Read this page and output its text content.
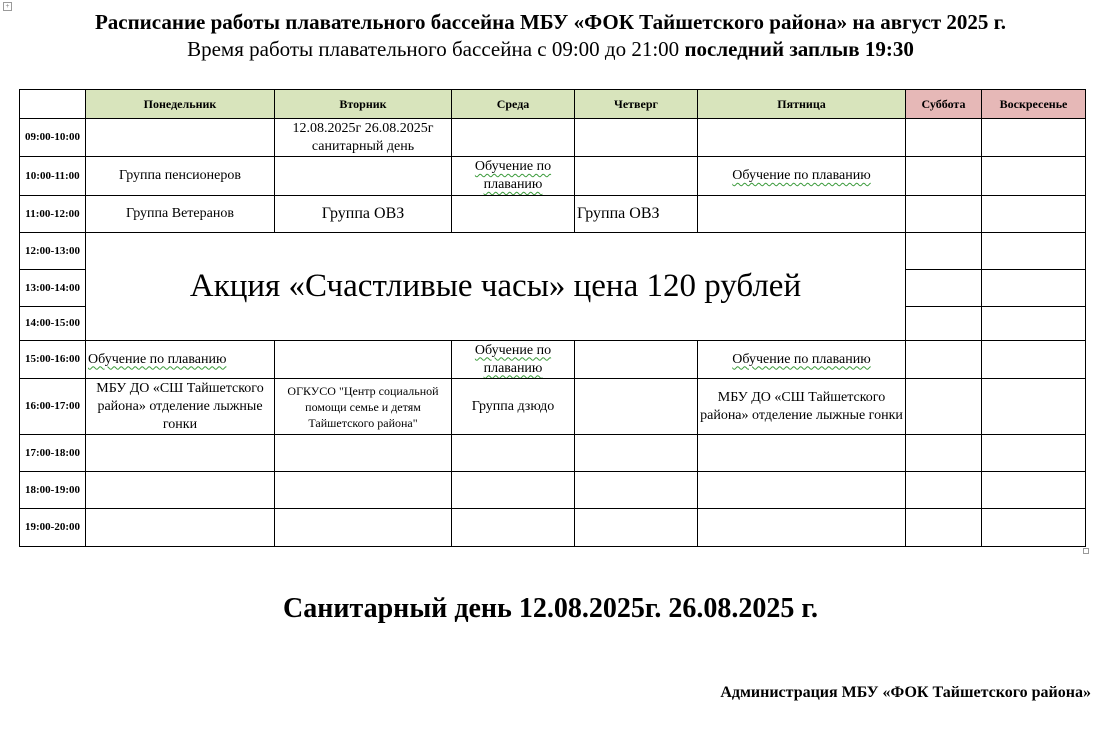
+
Расписание работы плавательного бассейна МБУ «ФОК Тайшетского района» на август 2025 г.
Время работы плавательного бассейна с 09:00 до 21:00 последний заплыв 19:30
	Понедельник	Вторник	Среда	Четверг	Пятница	Суббота	Воскресенье
09:00-10:00		12.08.2025г 26.08.2025г санитарный день					
10:00-11:00	Группа пенсионеров		Обучение по плаванию		Обучение по плаванию		
11:00-12:00	Группа Ветеранов	Группа ОВЗ		Группа ОВЗ			
12:00-13:00	Акция «Счастливые часы» цена 120 рублей						
13:00-14:00							
14:00-15:00							
15:00-16:00	Обучение по плаванию		Обучение по плаванию		Обучение по плаванию		
16:00-17:00	МБУ ДО «СШ Тайшетского района» отделение лыжные гонки	ОГКУСО "Центр социальной помощи семье и детям Тайшетского района"	Группа дзюдо		МБУ ДО «СШ Тайшетского района» отделение лыжные гонки		
17:00-18:00							
18:00-19:00							
19:00-20:00							
Санитарный день 12.08.2025г. 26.08.2025 г.
Администрация МБУ «ФОК Тайшетского района»
